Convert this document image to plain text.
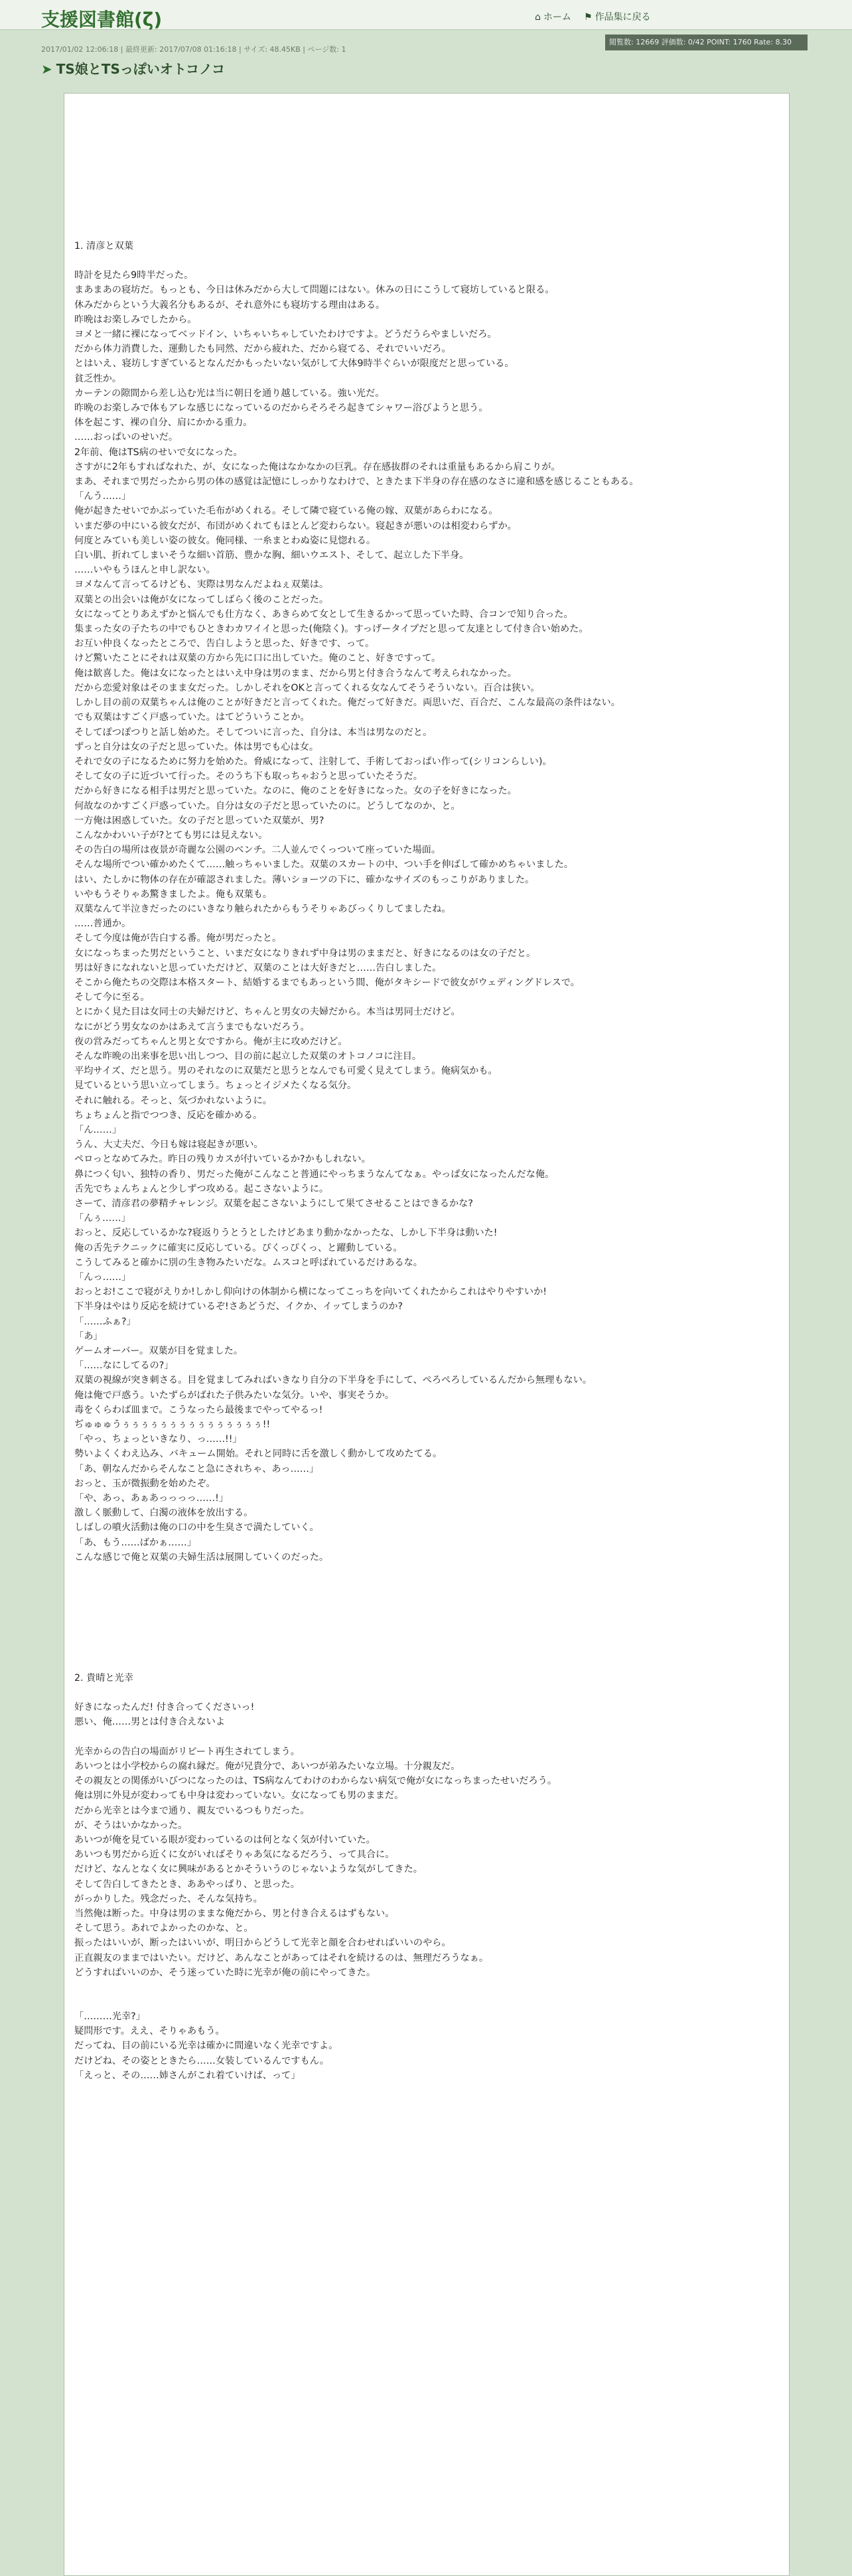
支援図書館(ζ)	⌂ ホーム ⚑ 作品集に戻る
閲覧数: 12669 評価数: 0/42 POINT: 1760 Rate: 8.30
2017/01/02 12:06:18 | 最終更新: 2017/07/08 01:16:18 | サイズ: 48.45KB | ページ数: 1
➤ TS娘とTSっぽいオトコノコ

1. 清彦と双葉

時計を見たら9時半だった。

まあまあの寝坊だ。もっとも、今日は休みだから大して問題にはない。休みの日にこうして寝坊していると限る。

休みだからという大義名分もあるが、それ意外にも寝坊する理由はある。

昨晩はお楽しみでしたから。

ヨメと一緒に裸になってベッドイン、いちゃいちゃしていたわけですよ。どうだうらやましいだろ。

だから体力消費した、運動したも同然、だから疲れた、だから寝てる、それでいいだろ。

とはいえ、寝坊しすぎているとなんだかもったいない気がして大体9時半ぐらいが限度だと思っている。

貧乏性か。

カーテンの隙間から差し込む光は当に朝日を通り越している。強い光だ。

昨晩のお楽しみで体もアレな感じになっているのだからそろそろ起きてシャワー浴びようと思う。

体を起こす、裸の自分、肩にかかる重力。

……おっぱいのせいだ。

2年前、俺はTS病のせいで女になった。

さすがに2年もすればなれた、が、女になった俺はなかなかの巨乳。存在感抜群のそれは重量もあるから肩こりが。

まあ、それまで男だったから男の体の感覚は記憶にしっかりなわけで、ときたま下半身の存在感のなさに違和感を感じることもある。

「んう……」

俺が起きたせいでかぶっていた毛布がめくれる。そして隣で寝ている俺の嫁、双葉があらわになる。

いまだ夢の中にいる彼女だが、布団がめくれてもほとんど変わらない。寝起きが悪いのは相変わらずか。

何度とみていも美しい姿の彼女。俺同様、一糸まとわぬ姿に見惚れる。

白い肌、折れてしまいそうな細い首筋、豊かな胸、細いウエスト、そして、起立した下半身。

……いやもうほんと申し訳ない。

ヨメなんて言ってるけども、実際は男なんだよねぇ双葉は。

双葉との出会いは俺が女になってしばらく後のことだった。

女になってとりあえずかと悩んでも仕方なく、あきらめて女として生きるかって思っていた時、合コンで知り合った。

集まった女の子たちの中でもひときわカワイイと思った(俺陰く)。すっげータイプだと思って友達として付き合い始めた。

お互い仲良くなったところで、告白しようと思った、好きです、って。

けど驚いたことにそれは双葉の方から先に口に出していた。俺のこと、好きですって。

俺は歓喜した。俺は女になったとはいえ中身は男のまま、だから男と付き合うなんて考えられなかった。

だから恋愛対象はそのまま女だった。しかしそれをOKと言ってくれる女なんてそうそういない。百合は狭い。

しかし目の前の双葉ちゃんは俺のことが好きだと言ってくれた。俺だって好きだ。両思いだ、百合だ、こんな最高の条件はない。

でも双葉はすごく戸惑っていた。はてどういうことか。

そしてぽつぽつりと話し始めた。そしてついに言った、自分は、本当は男なのだと。

ずっと自分は女の子だと思っていた。体は男でも心は女。

それで女の子になるために努力を始めた。脅威になって、注射して、手術しておっぱい作って(シリコンらしい)。

そして女の子に近づいて行った。そのうち下も取っちゃおうと思っていたそうだ。

だから好きになる相手は男だと思っていた。なのに、俺のことを好きになった。女の子を好きになった。

何故なのかすごく戸惑っていた。自分は女の子だと思っていたのに。どうしてなのか、と。

一方俺は困惑していた。女の子だと思っていた双葉が、男?

こんなかわいい子が?とても男には見えない。

その告白の場所は夜景が奇麗な公園のベンチ。二人並んでくっついて座っていた場面。

そんな場所でつい確かめたくて……触っちゃいました。双葉のスカートの中、つい手を伸ばして確かめちゃいました。

はい、たしかに物体の存在が確認されました。薄いショーツの下に、確かなサイズのもっこりがありました。

いやもうそりゃあ驚きましたよ。俺も双葉も。

双葉なんて半泣きだったのにいきなり触られたからもうそりゃあびっくりしてましたね。

……普通か。

そして今度は俺が告白する番。俺が男だったと。

女になっちまった男だということ、いまだ女になりきれず中身は男のままだと、好きになるのは女の子だと。

男は好きになれないと思っていただけど、双葉のことは大好きだと……告白しました。

そこから俺たちの交際は本格スタート、結婚するまでもあっという間、俺がタキシードで彼女がウェディングドレスで。

そして今に至る。

とにかく見た目は女同士の夫婦だけど、ちゃんと男女の夫婦だから。本当は男同士だけど。

なにがどう男女なのかはあえて言うまでもないだろう。

夜の営みだってちゃんと男と女ですから。俺が主に攻めだけど。

そんな昨晩の出来事を思い出しつつ、目の前に起立した双葉のオトコノコに注目。

平均サイズ、だと思う。男のそれなのに双葉だと思うとなんでも可愛く見えてしまう。俺病気かも。

見ているという思い立ってしまう。ちょっとイジメたくなる気分。

それに触れる。そっと、気づかれないように。

ちょちょんと指でつつき、反応を確かめる。

「ん……」

うん、大丈夫だ、今日も嫁は寝起きが悪い。

ペロっとなめてみた。昨日の残りカスが付いているか?かもしれない。

鼻につく匂い、独特の香り、男だった俺がこんなこと普通にやっちまうなんてなぁ。やっぱ女になったんだな俺。

舌先でちょんちょんと少しずつ攻める。起こさないように。

さーて、清彦君の夢精チャレンジ。双葉を起こさないようにして果てさせることはできるかな?

「んぅ……」

おっと、反応しているかな?寝返りうとうとしたけどあまり動かなかったな、しかし下半身は動いた!

俺の舌先テクニックに確実に反応している。ぴくっぴくっ、と躍動している。

こうしてみると確かに別の生き物みたいだな。ムスコと呼ばれているだけあるな。

「んっ……」

おっとお!ここで寝がえりか!しかし仰向けの体制から横になってこっちを向いてくれたからこれはやりやすいか!

下半身はやはり反応を続けているぞ!さあどうだ、イクか、イッてしまうのか?

「……ふぁ?」

「あ」

ゲームオーバー。双葉が目を覚ました。

「……なにしてるの?」

双葉の視線が突き刺さる。目を覚ましてみればいきなり自分の下半身を手にして、ぺろぺろしているんだから無理もない。

俺は俺で戸惑う。いたずらがばれた子供みたいな気分。いや、事実そうか。

毒をくらわば皿まで。こうなったら最後までやってやるっ!

ぢゅゅゅうぅぅぅぅぅぅぅぅぅぅぅぅぅぅぅ!!

「やっ、ちょっといきなり、っ……!!」

勢いよくくわえ込み、バキューム開始。それと同時に舌を激しく動かして攻めたてる。

「あ、朝なんだからそんなこと急にされちゃ、あっ……」

おっと、玉が微振動を始めたぞ。

「や、あっ、あぁあっっっっ……!」

激しく脈動して、白濁の液体を放出する。

しばしの噴火活動は俺の口の中を生臭さで満たしていく。

「あ、もう……ばかぁ……」

こんな感じで俺と双葉の夫婦生活は展開していくのだった。

2. 貴晴と光幸

好きになったんだ! 付き合ってくださいっ!

悪い、俺……男とは付き合えないよ

光幸からの告白の場面がリピート再生されてしまう。

あいつとは小学校からの腐れ縁だ。俺が兄貴分で、あいつが弟みたいな立場。十分親友だ。

その親友との関係がいびつになったのは、TS病なんてわけのわからない病気で俺が女になっちまったせいだろう。

俺は別に外見が変わっても中身は変わっていない。女になっても男のままだ。

だから光幸とは今まで通り、親友でいるつもりだった。

が、そうはいかなかった。

あいつが俺を見ている眼が変わっているのは何となく気が付いていた。

あいつも男だから近くに女がいればそりゃあ気になるだろう、って具合に。

だけど、なんとなく女に興味があるとかそういうのじゃないような気がしてきた。

そして告白してきたとき、ああやっぱり、と思った。

がっかりした。残念だった、そんな気持ち。

当然俺は断った。中身は男のままな俺だから、男と付き合えるはずもない。

そして思う。あれでよかったのかな、と。

振ったはいいが、断ったはいいが、明日からどうして光幸と顔を合わせればいいのやら。

正直親友のままではいたい。だけど、あんなことがあってはそれを続けるのは、無理だろうなぁ。

どうすればいいのか、そう迷っていた時に光幸が俺の前にやってきた。

「………光幸?」

疑問形です。ええ、そりゃあもう。

だってね、目の前にいる光幸は確かに間違いなく光幸ですよ。

だけどね、その姿とときたら……女装しているんですもん。

「えっと、その……姉さんがこれ着ていけば、って」
